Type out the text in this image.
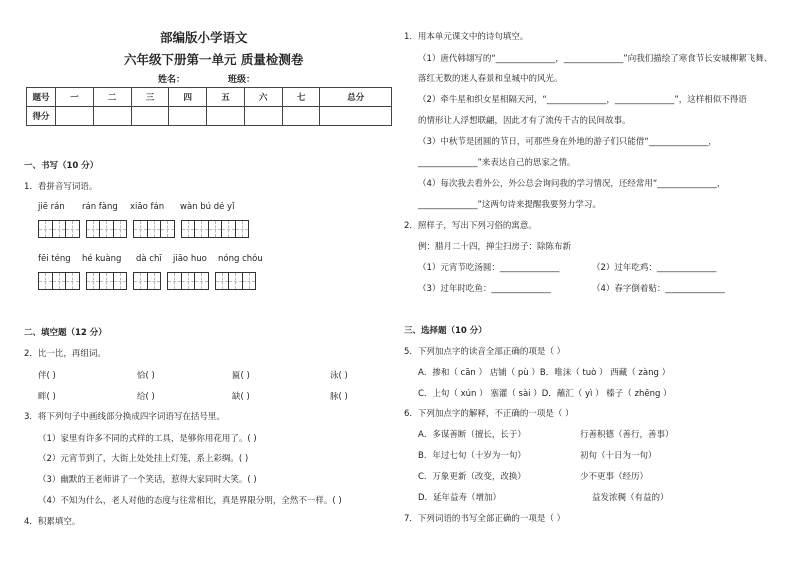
部编版小学语文
六年级下册第一单元 质量检测卷
姓名：	班级：
题号	一	二	三	四	五	六	七	总分
得分								
一、书写（10 分）
1．看拼音写词语。
jiē rán rán fàng xiāo fán wàn bú dé yǐ
fēi téng hé kuàng dà chī jiāo huo nóng chóu
二、填空题（12 分）
2．比一比，再组词。
伴( )	恰( )	匾( )	泳( )
畔( )	给( )	缺( )	脉( )
3．将下列句子中画线部分换成四字词语写在括号里。
（1）家里有许多不同的式样的工具，是够你用花用了。( )
（2）元宵节到了，大街上处处挂上灯笼，系上彩绸。( )
（3）幽默的王老师讲了一个笑话，惹得大家同时大笑。( )
（4）不知为什么，老人对他的态度与往常相比，真是界限分明，全然不一样。( )
4．积累填空。
1．用本单元课文中的诗句填空。
（1）唐代韩翃写的“______________，______________”向我们描绘了寒食节长安城柳絮飞舞、
落红无数的迷人春景和皇城中的风光。
（2）牵牛星和织女星相隔天河，“______________，______________”，这样相似不得语
的情形让人浮想联翩，因此才有了流传千古的民间故事。
（3）中秋节是团圆的节日，可那些身在外地的游子们只能借“______________，
______________”来表达自己的思家之情。
（4）每次我去看外公，外公总会询问我的学习情况，还经常用“______________，
______________”这两句诗来提醒我要努力学习。
2．照样子，写出下列习俗的寓意。
例：腊月二十四，掸尘扫房子：除陈布新
（1）元宵节吃汤圆：______________	（2）过年吃鸡：______________
（3）过年时吃鱼：______________	（4）春字倒着贴：______________
三、选择题（10 分）
5．下列加点字的读音全部正确的项是（ ）
A．掺和（ cān ） 店铺（ pù ）B．唯沫（ tuò ） 西藏（ zàng ）
C．上旬（ xún ） 塞灌（ sài ）D．蘸汇（ yì ） 榛子（ zhēng ）
6．下列加点字的解释，不正确的一项是（ ）
A．多谋善断（擅长，长于）	行善积德（善行，善事）
B．年过七旬（十岁为一旬）	初旬（十日为一旬）
C．万象更新（改变，改换）	少不更事（经历）
D．延年益寿（增加）	益发浓稠（有益的）
7．下列词语的书写全部正确的一项是（ ）
